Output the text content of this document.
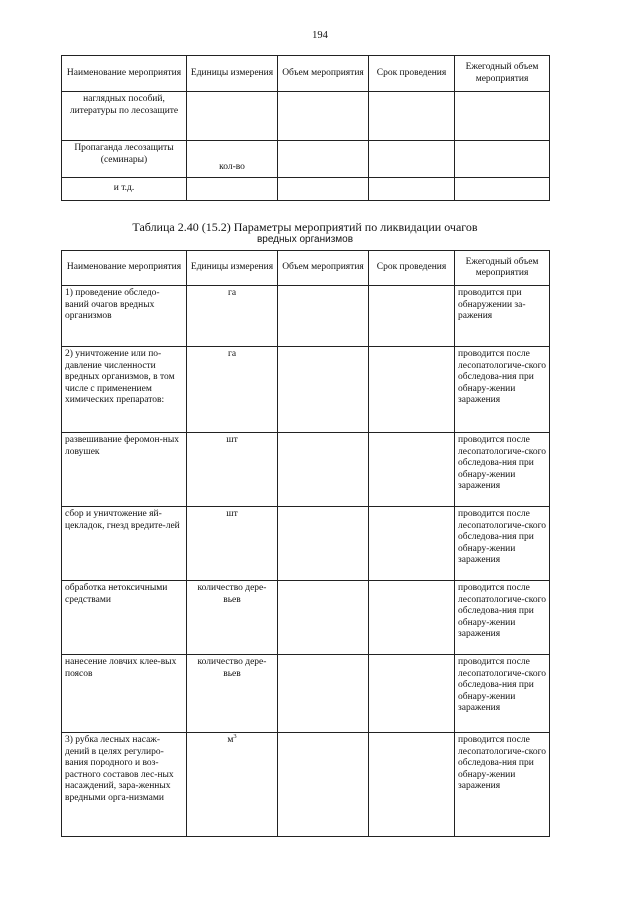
194
Наименование мероприятия	Единицы измерения	Объем мероприятия	Срок проведения	Ежегодный объем мероприятия
наглядных пособий, литературы по лесозащите				
Пропаганда лесозащиты (семинары)	кол-во			
и т.д.				
Таблица 2.40 (15.2) Параметры мероприятий по ликвидации очагов
вредных организмов
Наименование мероприятия	Единицы измерения	Объем мероприятия	Срок проведения	Ежегодный объем мероприятия
1) проведение обследо-ваний очагов вредных организмов	га			проводится при обнаружении за-ражения
2) уничтожение или по-давление численности вредных организмов, в том числе с применением химических препаратов:	га			проводится после лесопатологиче-ского обследова-ния при обнару-жении заражения
развешивание феромон-ных ловушек	шт			проводится после лесопатологиче-ского обследова-ния при обнару-жении заражения
сбор и уничтожение яй-цекладок, гнезд вредите-лей	шт			проводится после лесопатологиче-ского обследова-ния при обнару-жении заражения
обработка нетоксичными средствами	количество дере-вьев			проводится после лесопатологиче-ского обследова-ния при обнару-жении заражения
нанесение ловчих клее-вых поясов	количество дере-вьев			проводится после лесопатологиче-ского обследова-ния при обнару-жении заражения
3) рубка лесных насаж-дений в целях регулиро-вания породного и воз-растного составов лес-ных насаждений, зара-женных вредными орга-низмами	$м^3$			проводится после лесопатологиче-ского обследова-ния при обнару-жении заражения
